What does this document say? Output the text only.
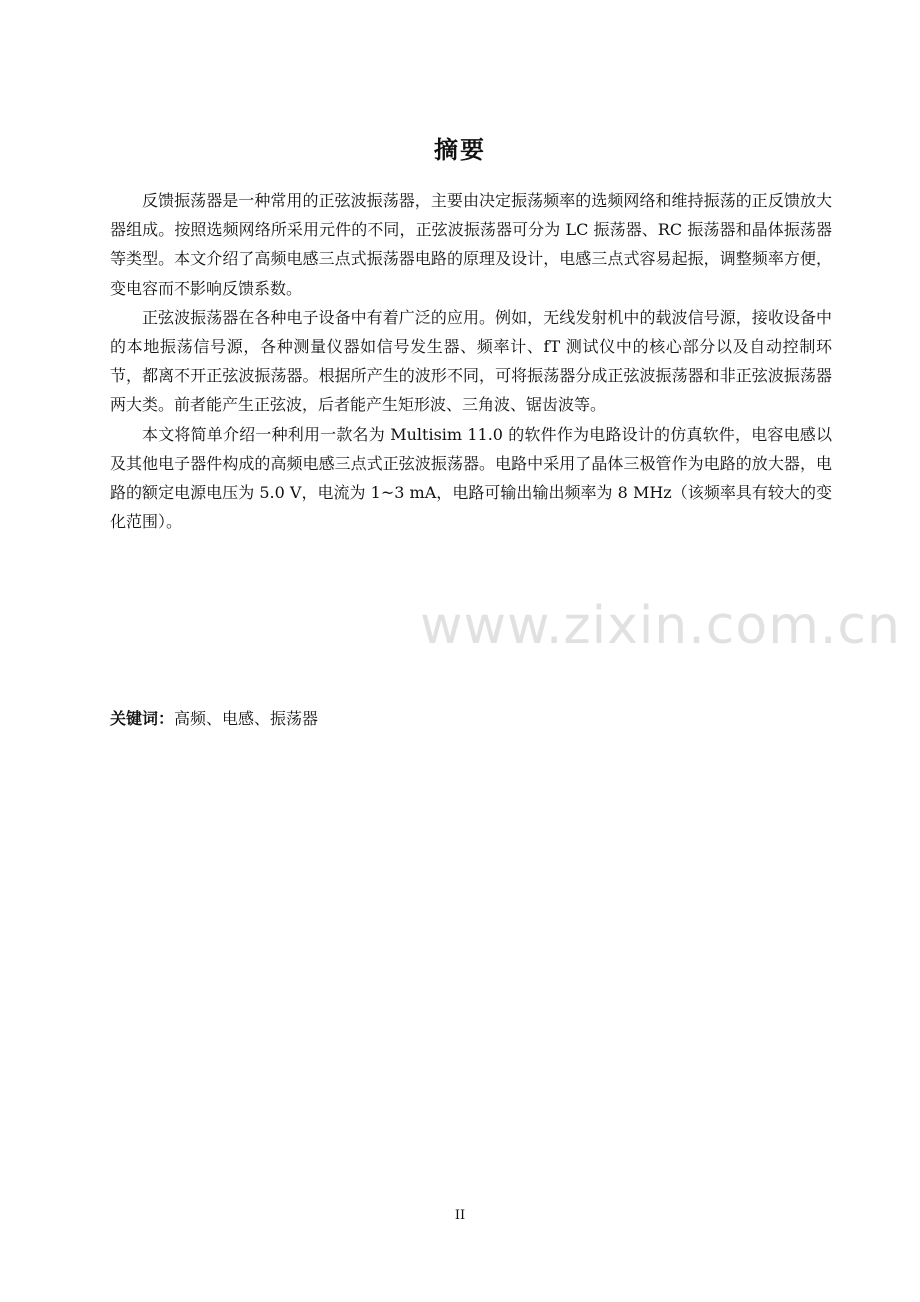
摘要

反馈振荡器是一种常用的正弦波振荡器，主要由决定振荡频率的选频网络和维持振荡的正反馈放大器组成。按照选频网络所采用元件的不同，正弦波振荡器可分为 LC 振荡器、RC 振荡器和晶体振荡器等类型。本文介绍了高频电感三点式振荡器电路的原理及设计，电感三点式容易起振，调整频率方便，变电容而不影响反馈系数。

正弦波振荡器在各种电子设备中有着广泛的应用。例如，无线发射机中的载波信号源，接收设备中的本地振荡信号源，各种测量仪器如信号发生器、频率计、fT 测试仪中的核心部分以及自动控制环节，都离不开正弦波振荡器。根据所产生的波形不同，可将振荡器分成正弦波振荡器和非正弦波振荡器两大类。前者能产生正弦波，后者能产生矩形波、三角波、锯齿波等。

本文将简单介绍一种利用一款名为 Multisim 11.0 的软件作为电路设计的仿真软件，电容电感以及其他电子器件构成的高频电感三点式正弦波振荡器。电路中采用了晶体三极管作为电路的放大器，电路的额定电源电压为 5.0 V，电流为 1~3 mA，电路可输出输出频率为 8 MHz（该频率具有较大的变化范围）。

www.zixin.com.cn
关键词：高频、电感、振荡器
II
